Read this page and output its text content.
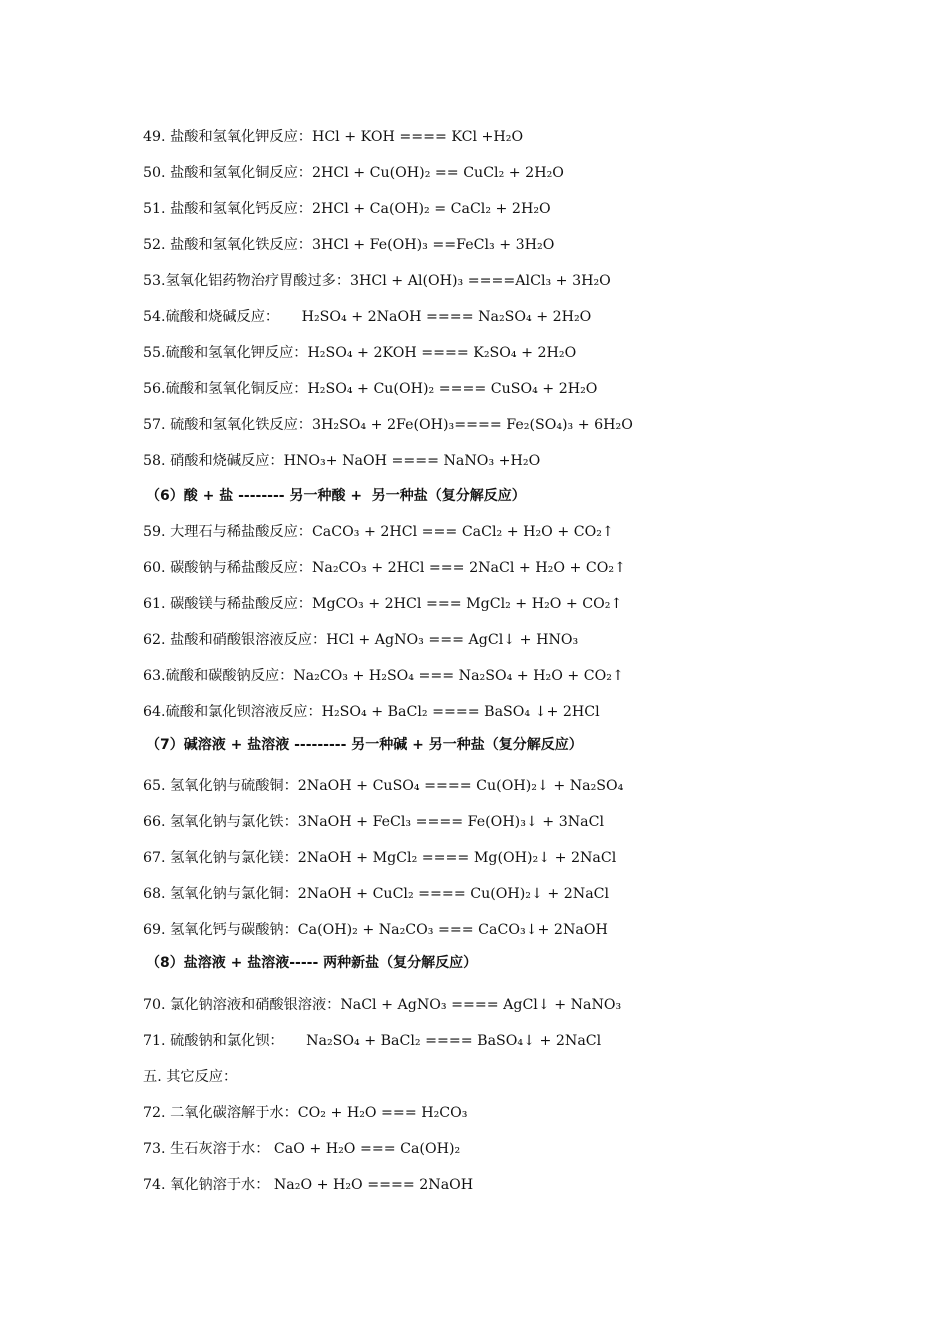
49. 盐酸和氢氧化钾反应：HCl + KOH ==== KCl +H₂O
50. 盐酸和氢氧化铜反应：2HCl + Cu(OH)₂ == CuCl₂ + 2H₂O
51. 盐酸和氢氧化钙反应：2HCl + Ca(OH)₂ = CaCl₂ + 2H₂O
52. 盐酸和氢氧化铁反应：3HCl + Fe(OH)₃ ==FeCl₃ + 3H₂O
53.氢氧化铝药物治疗胃酸过多：3HCl + Al(OH)₃ ====AlCl₃ + 3H₂O
54.硫酸和烧碱反应：     H₂SO₄ + 2NaOH ==== Na₂SO₄ + 2H₂O
55.硫酸和氢氧化钾反应：H₂SO₄ + 2KOH ==== K₂SO₄ + 2H₂O
56.硫酸和氢氧化铜反应：H₂SO₄ + Cu(OH)₂ ==== CuSO₄ + 2H₂O
57. 硫酸和氢氧化铁反应：3H₂SO₄ + 2Fe(OH)₃==== Fe₂(SO₄)₃ + 6H₂O
58. 硝酸和烧碱反应：HNO₃+ NaOH ==== NaNO₃ +H₂O
（6）酸 + 盐 -------- 另一种酸 +  另一种盐（复分解反应）
59. 大理石与稀盐酸反应：CaCO₃ + 2HCl === CaCl₂ + H₂O + CO₂↑
60. 碳酸钠与稀盐酸反应：Na₂CO₃ + 2HCl === 2NaCl + H₂O + CO₂↑
61. 碳酸镁与稀盐酸反应：MgCO₃ + 2HCl === MgCl₂ + H₂O + CO₂↑
62. 盐酸和硝酸银溶液反应：HCl + AgNO₃ === AgCl↓ + HNO₃
63.硫酸和碳酸钠反应：Na₂CO₃ + H₂SO₄ === Na₂SO₄ + H₂O + CO₂↑
64.硫酸和氯化钡溶液反应：H₂SO₄ + BaCl₂ ==== BaSO₄ ↓+ 2HCl
（7）碱溶液 + 盐溶液 --------- 另一种碱 + 另一种盐（复分解反应）
65. 氢氧化钠与硫酸铜：2NaOH + CuSO₄ ==== Cu(OH)₂↓ + Na₂SO₄
66. 氢氧化钠与氯化铁：3NaOH + FeCl₃ ==== Fe(OH)₃↓ + 3NaCl
67. 氢氧化钠与氯化镁：2NaOH + MgCl₂ ==== Mg(OH)₂↓ + 2NaCl
68. 氢氧化钠与氯化铜：2NaOH + CuCl₂ ==== Cu(OH)₂↓ + 2NaCl
69. 氢氧化钙与碳酸钠：Ca(OH)₂ + Na₂CO₃ === CaCO₃↓+ 2NaOH
（8）盐溶液 + 盐溶液----- 两种新盐（复分解反应）
70. 氯化钠溶液和硝酸银溶液：NaCl + AgNO₃ ==== AgCl↓ + NaNO₃
71. 硫酸钠和氯化钡：     Na₂SO₄ + BaCl₂ ==== BaSO₄↓ + 2NaCl
五. 其它反应：
72. 二氧化碳溶解于水：CO₂ + H₂O === H₂CO₃
73. 生石灰溶于水： CaO + H₂O === Ca(OH)₂
74. 氧化钠溶于水： Na₂O + H₂O ==== 2NaOH
